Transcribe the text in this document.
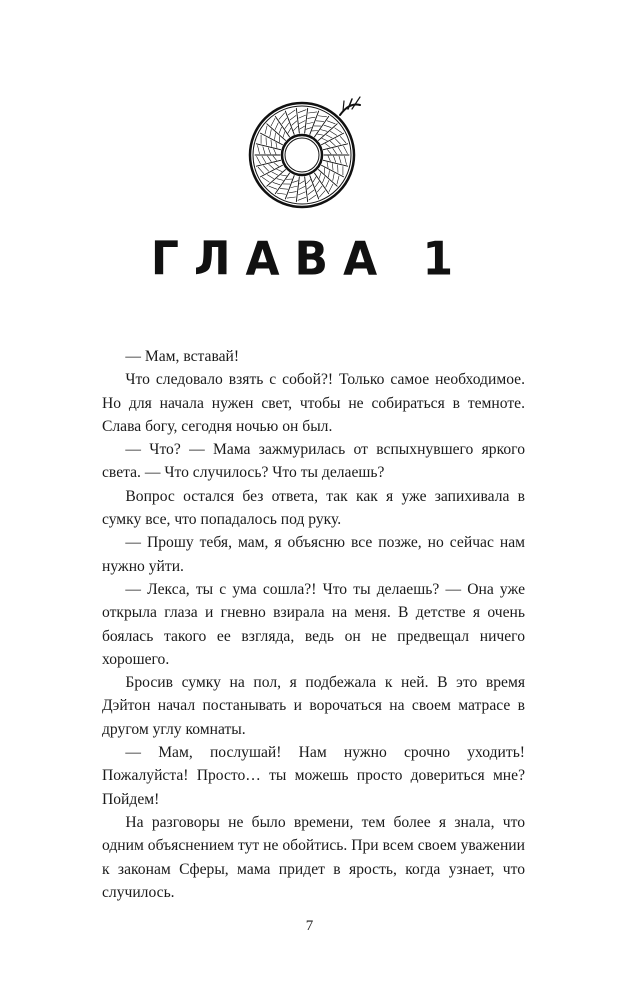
ГЛАВА 1

— Мам, вставай!

Что следовало взять с собой?! Только самое необходимое. Но для начала нужен свет, чтобы не собираться в темноте. Слава богу, сегодня ночью он был.

— Что? — Мама зажмурилась от вспыхнувшего яркого света. — Что случилось? Что ты делаешь?

Вопрос остался без ответа, так как я уже запихивала в сумку все, что попадалось под руку.

— Прошу тебя, мам, я объясню все позже, но сейчас нам нужно уйти.

— Лекса, ты с ума сошла?! Что ты делаешь? — Она уже открыла глаза и гневно взирала на меня. В детстве я очень боялась такого ее взгляда, ведь он не предвещал ничего хорошего.

Бросив сумку на пол, я подбежала к ней. В это время Дэйтон начал постанывать и ворочаться на своем матрасе в другом углу комнаты.

— Мам, послушай! Нам нужно срочно уходить! Пожалуйста! Просто… ты можешь просто довериться мне? Пойдем!

На разговоры не было времени, тем более я знала, что одним объяснением тут не обойтись. При всем своем уважении к законам Сферы, мама придет в ярость, когда узнает, что случилось.

7
